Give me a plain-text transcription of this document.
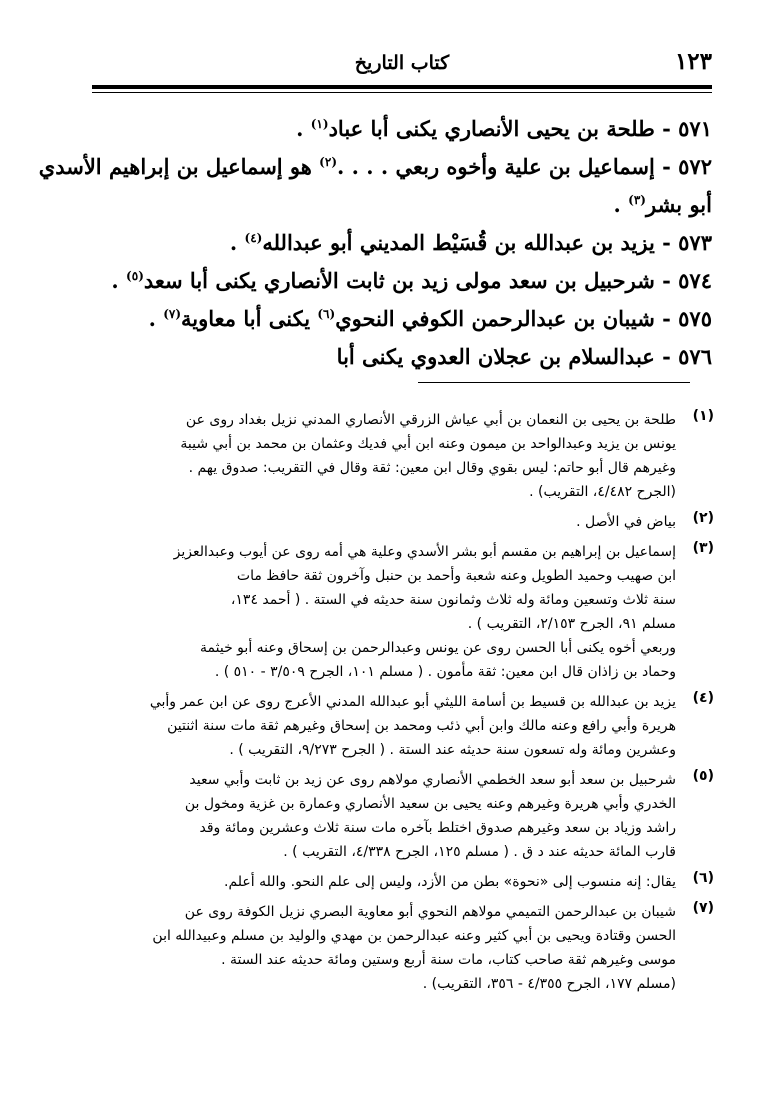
١٢٣
كتاب التاريخ
٥٧١ - طلحة بن يحيى الأنصاري يكنى أبا عباد$^{(١)}$ .
٥٧٢ - إسماعيل بن علية وأخوه ربعي . . . .$^{(٢)}$ هو إسماعيل بن إبراهيم الأسدي
أبو بشر$^{(٣)}$ .
٥٧٣ - يزيد بن عبدالله بن قُسَيْط المديني أبو عبدالله$^{(٤)}$ .
٥٧٤ - شرحبيل بن سعد مولى زيد بن ثابت الأنصاري يكنى أبا سعد$^{(٥)}$ .
٥٧٥ - شيبان بن عبدالرحمن الكوفي النحوي$^{(٦)}$ يكنى أبا معاوية$^{(٧)}$ .
٥٧٦ - عبدالسلام بن عجلان العدوي يكنى أبا
(١)
طلحة بن يحيى بن النعمان بن أبي عياش الزرقي الأنصاري المدني نزيل بغداد روى عن
يونس بن يزيد وعبدالواحد بن ميمون وعنه ابن أبي فديك وعثمان بن محمد بن أبي شيبة
وغيرهم قال أبو حاتم: ليس بقوي وقال ابن معين: ثقة وقال في التقريب: صدوق يهم .
(الجرح ٤/٤٨٢، التقريب) .
(٢)
بياض في الأصل .
(٣)
إسماعيل بن إبراهيم بن مقسم أبو بشر الأسدي وعلية هي أمه روى عن أيوب وعبدالعزيز
ابن صهيب وحميد الطويل وعنه شعبة وأحمد بن حنبل وآخرون ثقة حافظ مات
سنة ثلاث وتسعين ومائة وله ثلاث وثمانون سنة حديثه في الستة . ( أحمد ١٣٤،
مسلم ٩١، الجرح ٢/١٥٣، التقريب ) .
وربعي أخوه يكنى أبا الحسن روى عن يونس وعبدالرحمن بن إسحاق وعنه أبو خيثمة
وحماد بن زاذان قال ابن معين: ثقة مأمون . ( مسلم ١٠١، الجرح ٣/٥٠٩ - ٥١٠ ) .
(٤)
يزيد بن عبدالله بن قسيط بن أسامة الليثي أبو عبدالله المدني الأعرج روى عن ابن عمر وأبي
هريرة وأبي رافع وعنه مالك وابن أبي ذئب ومحمد بن إسحاق وغيرهم ثقة مات سنة اثنتين
وعشرين ومائة وله تسعون سنة حديثه عند الستة . ( الجرح ٩/٢٧٣، التقريب ) .
(٥)
شرحبيل بن سعد أبو سعد الخطمي الأنصاري مولاهم روى عن زيد بن ثابت وأبي سعيد
الخدري وأبي هريرة وغيرهم وعنه يحيى بن سعيد الأنصاري وعمارة بن غزية ومخول بن
راشد وزياد بن سعد وغيرهم صدوق اختلط بآخره مات سنة ثلاث وعشرين ومائة وقد
قارب المائة حديثه عند د ق . ( مسلم ١٢٥، الجرح ٤/٣٣٨، التقريب ) .
(٦)
يقال: إنه منسوب إلى «نحوة» بطن من الأزد، وليس إلى علم النحو. والله أعلم.
(٧)
شيبان بن عبدالرحمن التميمي مولاهم النحوي أبو معاوية البصري نزيل الكوفة روى عن
الحسن وقتادة ويحيى بن أبي كثير وعنه عبدالرحمن بن مهدي والوليد بن مسلم وعبيدالله ابن
موسى وغيرهم ثقة صاحب كتاب، مات سنة أربع وستين ومائة حديثه عند الستة .
(مسلم ١٧٧، الجرح ٤/٣٥٥ - ٣٥٦، التقريب) .
